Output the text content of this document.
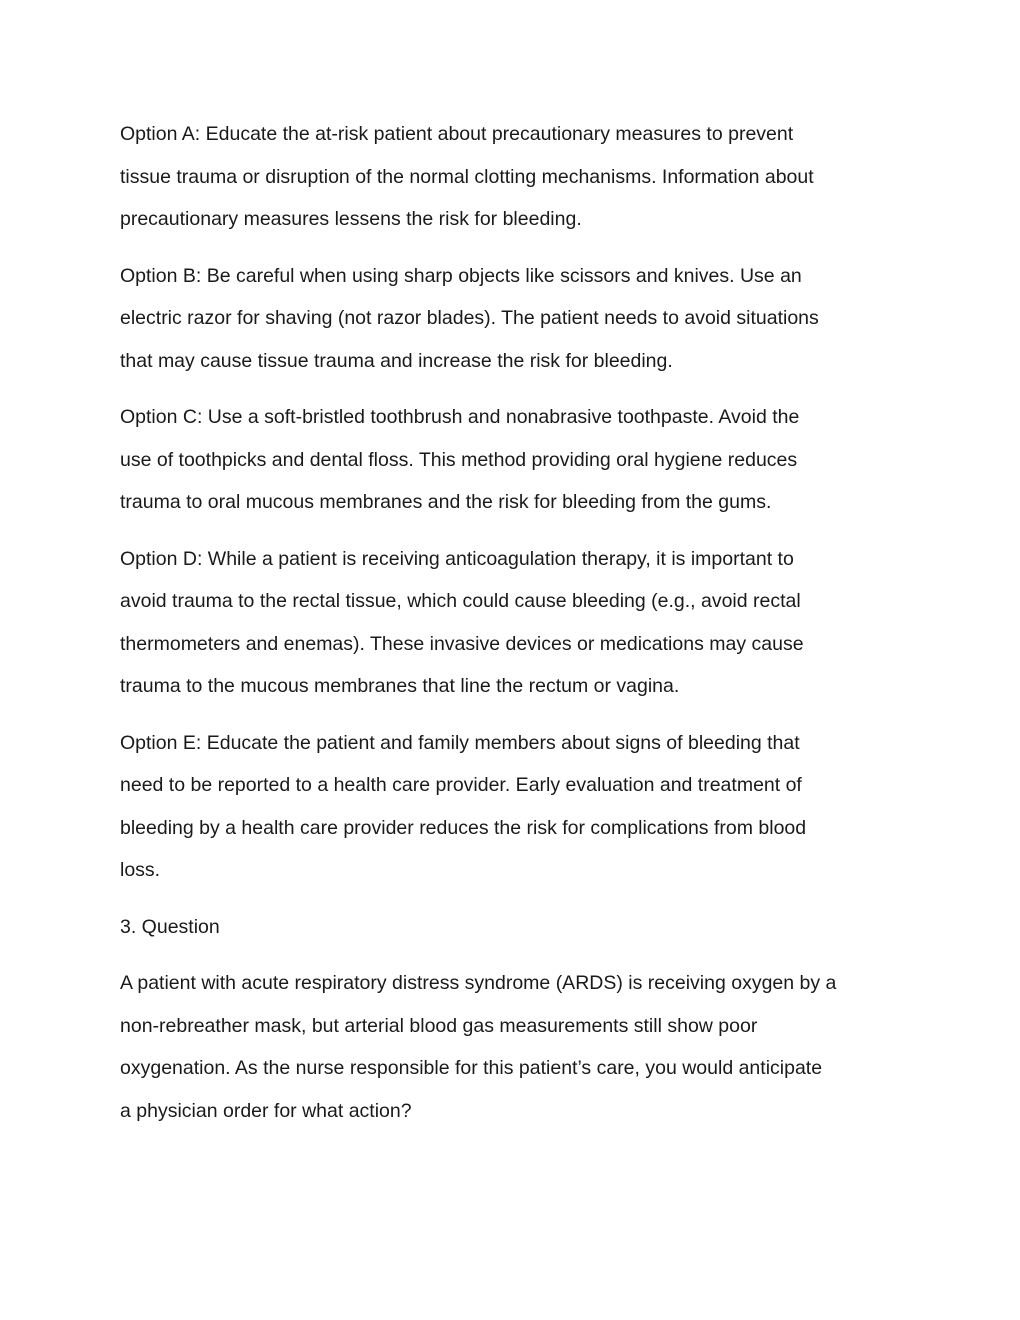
Option A: Educate the at-risk patient about precautionary measures to prevent
tissue trauma or disruption of the normal clotting mechanisms. Information about
precautionary measures lessens the risk for bleeding.

Option B: Be careful when using sharp objects like scissors and knives. Use an
electric razor for shaving (not razor blades). The patient needs to avoid situations
that may cause tissue trauma and increase the risk for bleeding.

Option C: Use a soft-bristled toothbrush and nonabrasive toothpaste. Avoid the
use of toothpicks and dental floss. This method providing oral hygiene reduces
trauma to oral mucous membranes and the risk for bleeding from the gums.

Option D: While a patient is receiving anticoagulation therapy, it is important to
avoid trauma to the rectal tissue, which could cause bleeding (e.g., avoid rectal
thermometers and enemas). These invasive devices or medications may cause
trauma to the mucous membranes that line the rectum or vagina.

Option E: Educate the patient and family members about signs of bleeding that
need to be reported to a health care provider. Early evaluation and treatment of
bleeding by a health care provider reduces the risk for complications from blood
loss.

3. Question

A patient with acute respiratory distress syndrome (ARDS) is receiving oxygen by a
non-rebreather mask, but arterial blood gas measurements still show poor
oxygenation. As the nurse responsible for this patient’s care, you would anticipate
a physician order for what action?
